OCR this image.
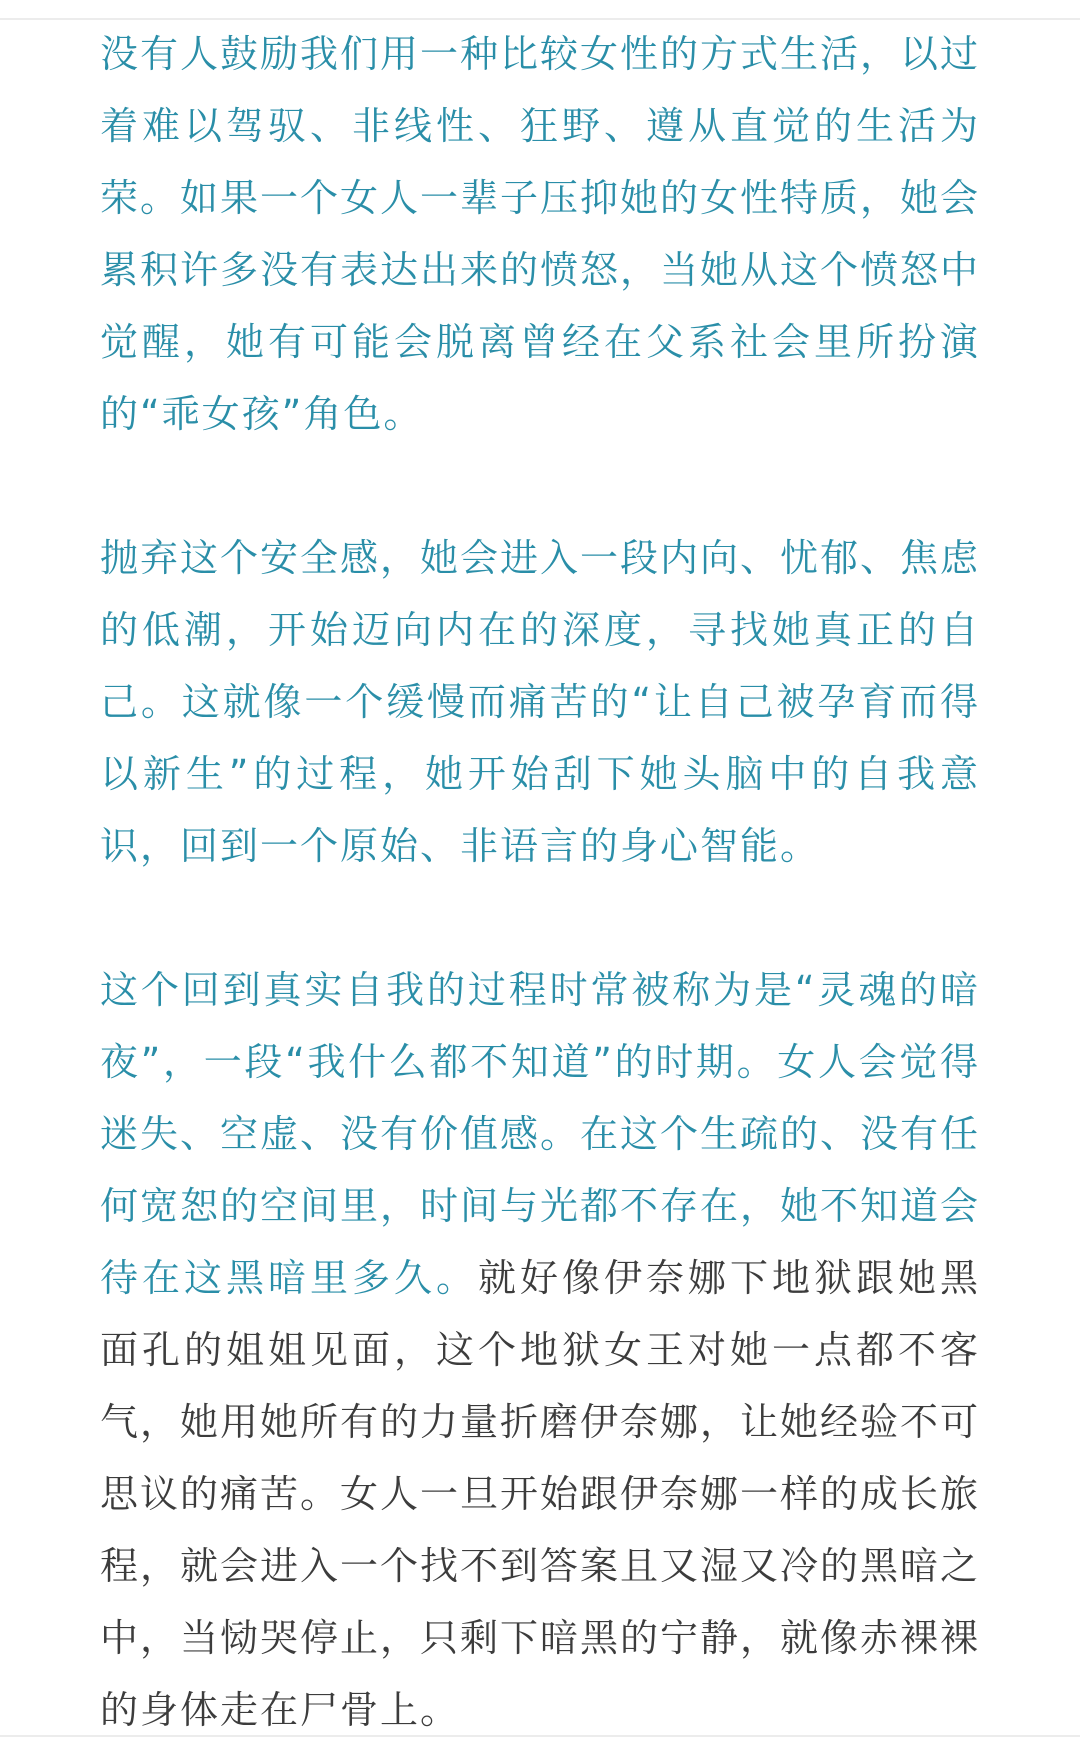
没有人鼓励我们用一种比较女性的方式生活，以过着难以驾驭、非线性、狂野、遵从直觉的生活为荣。如果一个女人一辈子压抑她的女性特质，她会累积许多没有表达出来的愤怒，当她从这个愤怒中觉醒，她有可能会脱离曾经在父系社会里所扮演的“乖女孩”角色。

抛弃这个安全感，她会进入一段内向、忧郁、焦虑的低潮，开始迈向内在的深度，寻找她真正的自己。这就像一个缓慢而痛苦的“让自己被孕育而得以新生”的过程，她开始刮下她头脑中的自我意识，回到一个原始、非语言的身心智能。

这个回到真实自我的过程时常被称为是“灵魂的暗夜”，一段“我什么都不知道”的时期。女人会觉得迷失、空虚、没有价值感。在这个生疏的、没有任何宽恕的空间里，时间与光都不存在，她不知道会待在这黑暗里多久。就好像伊奈娜下地狱跟她黑面孔的姐姐见面，这个地狱女王对她一点都不客气，她用她所有的力量折磨伊奈娜，让她经验不可思议的痛苦。女人一旦开始跟伊奈娜一样的成长旅程，就会进入一个找不到答案且又湿又冷的黑暗之中，当恸哭停止，只剩下暗黑的宁静，就像赤裸裸的身体走在尸骨上。
